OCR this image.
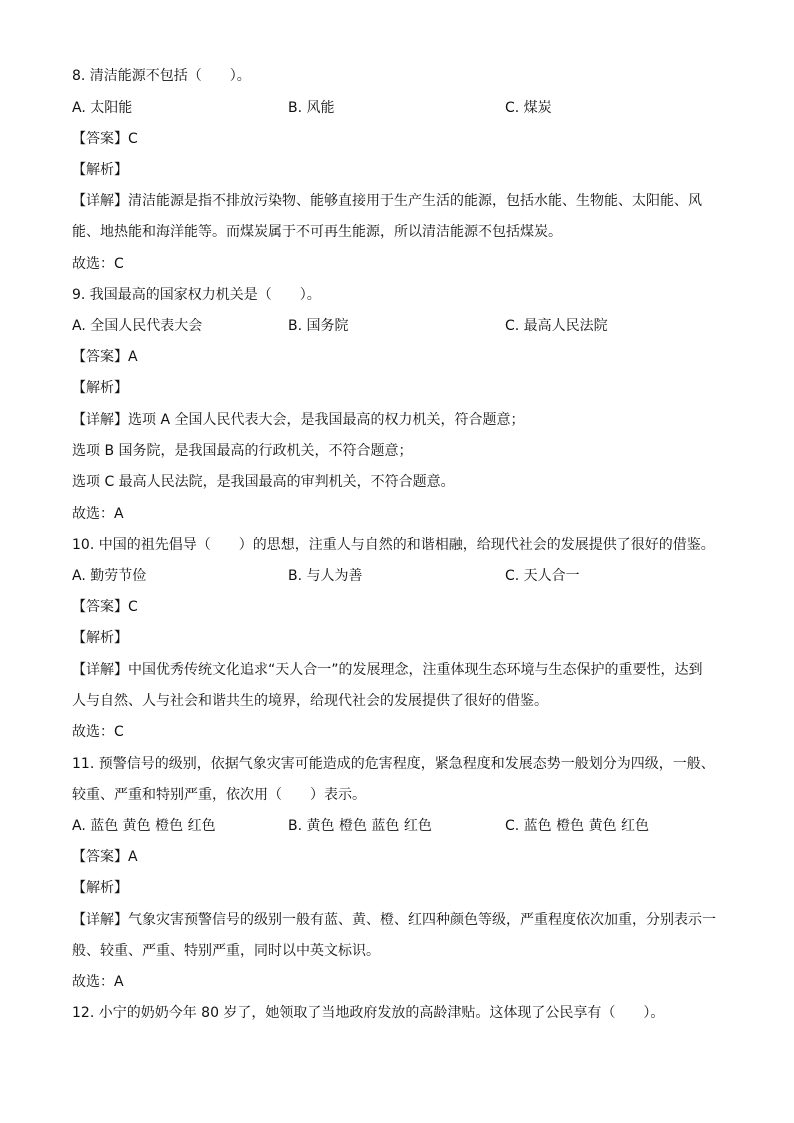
8. 清洁能源不包括（　　）。
A. 太阳能	B. 风能	C. 煤炭
【答案】C
【解析】
【详解】清洁能源是指不排放污染物、能够直接用于生产生活的能源，包括水能、生物能、太阳能、风
能、地热能和海洋能等。而煤炭属于不可再生能源，所以清洁能源不包括煤炭。
故选：C
9. 我国最高的国家权力机关是（　　）。
A. 全国人民代表大会	B. 国务院	C. 最高人民法院
【答案】A
【解析】
【详解】选项 A 全国人民代表大会，是我国最高的权力机关，符合题意；
选项 B 国务院，是我国最高的行政机关，不符合题意；
选项 C 最高人民法院，是我国最高的审判机关，不符合题意。
故选：A
10. 中国的祖先倡导（　　）的思想，注重人与自然的和谐相融，给现代社会的发展提供了很好的借鉴。
A. 勤劳节俭	B. 与人为善	C. 天人合一
【答案】C
【解析】
【详解】中国优秀传统文化追求“天人合一”的发展理念，注重体现生态环境与生态保护的重要性，达到
人与自然、人与社会和谐共生的境界，给现代社会的发展提供了很好的借鉴。
故选：C
11. 预警信号的级别，依据气象灾害可能造成的危害程度，紧急程度和发展态势一般划分为四级，一般、
较重、严重和特别严重，依次用（　　）表示。
A. 蓝色 黄色 橙色 红色	B. 黄色 橙色 蓝色 红色	C. 蓝色 橙色 黄色 红色
【答案】A
【解析】
【详解】气象灾害预警信号的级别一般有蓝、黄、橙、红四种颜色等级，严重程度依次加重，分别表示一
般、较重、严重、特别严重，同时以中英文标识。
故选：A
12. 小宁的奶奶今年 80 岁了，她领取了当地政府发放的高龄津贴。这体现了公民享有（　　）。
